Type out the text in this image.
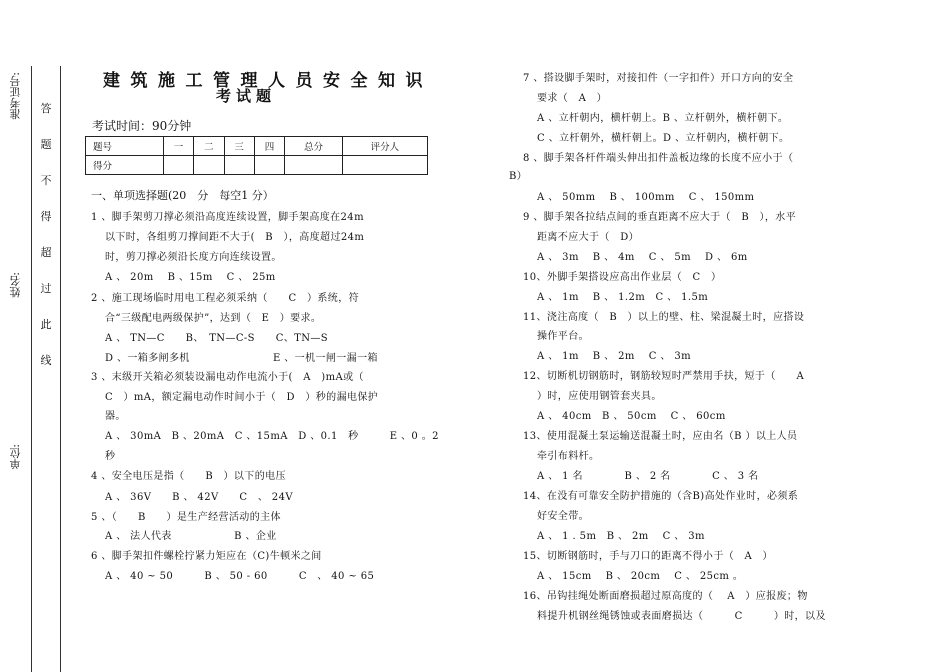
准考证号:
姓名:
单位:
答
题
不
得
超
过
此
线
建筑施工管理人员安全知识
考试题
考试时间：90分钟
题号	一	二	三	四	总分	评分人
得分						
一、单项选择题(20　分　每空1 分）
1 、脚手架剪刀撑必须沿高度连续设置，脚手架高度在24m
以下时，各组剪刀撑间距不大于(　B　），高度超过24m
时，剪刀撑必须沿长度方向连续设置。
A 、 20m　 B 、15m　 C 、 25m
2 、施工现场临时用电工程必须采纳（　　C　）系统，符
合“三级配电两级保护”，达到（　E　）要求。
A 、 TN—C　　B、　TN—C-S　　C、TN—S
D 、一箱多闸多机　　　　　　　　E 、一机一闸一漏一箱
3 、末级开关箱必须装设漏电动作电流小于(　A　)mA或（
C　）mA，额定漏电动作时间小于（　D　）秒的漏电保护
器。
A 、 30mA　B 、20mA　C 、15mA　D 、0.1　秒　　　E 、0 。2
秒
4 、安全电压是指（　　B　）以下的电压
A 、 36V　　B 、 42V　　C　、 24V
5 、（　　B　　）是生产经营活动的主体
A 、 法人代表　　　　　　B 、企业
6 、脚手架扣件螺栓拧紧力矩应在（C)牛顿米之间
A 、 40 ~ 50　　　B 、 50 - 60　　　C　、 40 ~ 65
7 、搭设脚手架时，对接扣件（一字扣件）开口方向的安全
要求（　A　）
A 、立杆朝内，横杆朝上。B 、立杆朝外，横杆朝下。
C 、立杆朝外，横杆朝上。D 、立杆朝内，横杆朝下。
8 、脚手架各杆件端头伸出扣件盖板边缘的长度不应小于（
B）
A 、 50mm　 B 、 100mm　 C 、 150mm
9 、脚手架各拉结点间的垂直距离不应大于（　B　），水平
距离不应大于（　D）
A 、 3m　 B 、 4m　 C 、 5m　 D 、 6m
10、外脚手架搭设应高出作业层（　C　）
A 、 1m　 B 、 1.2m　C 、 1.5m
11、浇注高度（　B　）以上的壁、柱、梁混凝土时，应搭设
操作平台。
A 、 1m　 B 、 2m　 C 、 3m
12、切断机切钢筋时，钢筋较短时严禁用手扶，短于（　　A
）时，应使用钢管套夹具。
A 、 40cm　B 、 50cm　 C 、 60cm
13、使用混凝土泵运输送混凝土时，应由名（B ）以上人员
牵引布料杆。
A 、 1 名　　　　B 、 2 名　　　　C 、 3 名
14、在没有可靠安全防护措施的（含B)高处作业时，必须系
好安全带。
A 、 1 . 5m　B 、 2m　 C 、 3m
15、切断钢筋时，手与刀口的距离不得小于（　A　）
A 、 15cm　 B 、 20cm　 C 、 25cm 。
16、吊钩挂绳处断面磨损超过原高度的（　 A　）应报废；物
料提升机钢丝绳锈蚀或表面磨损达（　　　C　　　）时，以及
